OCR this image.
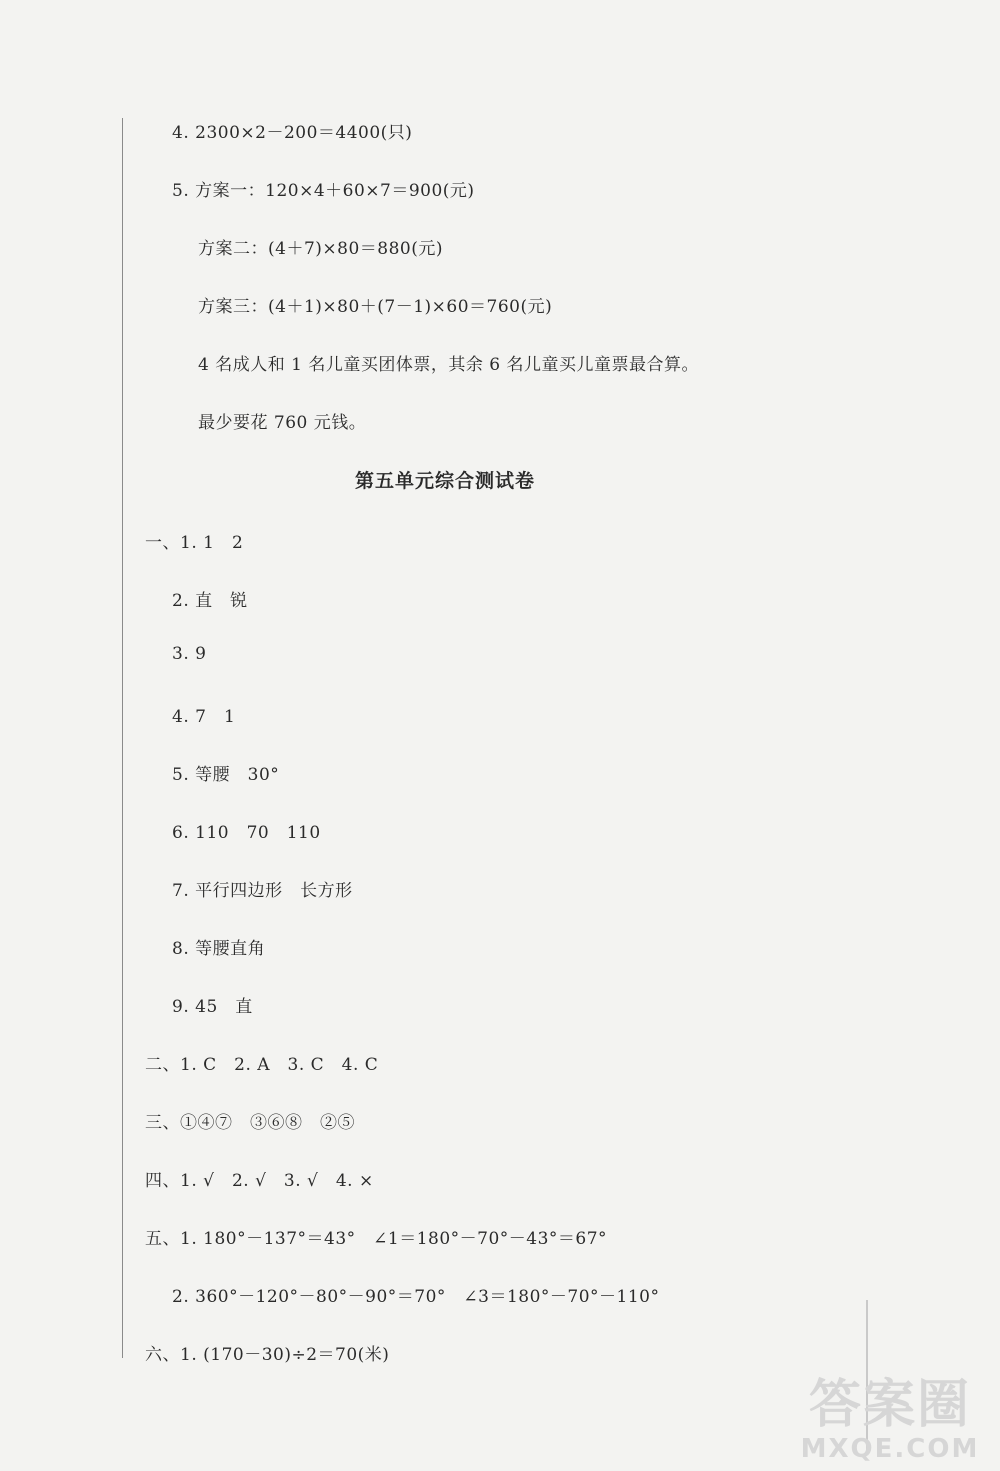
4. 2300×2－200＝4400(只)
5. 方案一：120×4＋60×7＝900(元)
方案二：(4＋7)×80＝880(元)
方案三：(4＋1)×80＋(7－1)×60＝760(元)
4 名成人和 1 名儿童买团体票，其余 6 名儿童买儿童票最合算。
最少要花 760 元钱。
第五单元综合测试卷
一、1. 1　2
2. 直　锐
3. 9
4. 7　1
5. 等腰　30°
6. 110　70　110
7. 平行四边形　长方形
8. 等腰直角
9. 45　直
二、1. C　2. A　3. C　4. C
三、①④⑦　③⑥⑧　②⑤
四、1. √　2. √　3. √　4. ×
五、1. 180°－137°＝43°　∠1＝180°－70°－43°＝67°
2. 360°－120°－80°－90°＝70°　∠3＝180°－70°－110°
六、1. (170－30)÷2＝70(米)
答案圈
MXQE.COM
